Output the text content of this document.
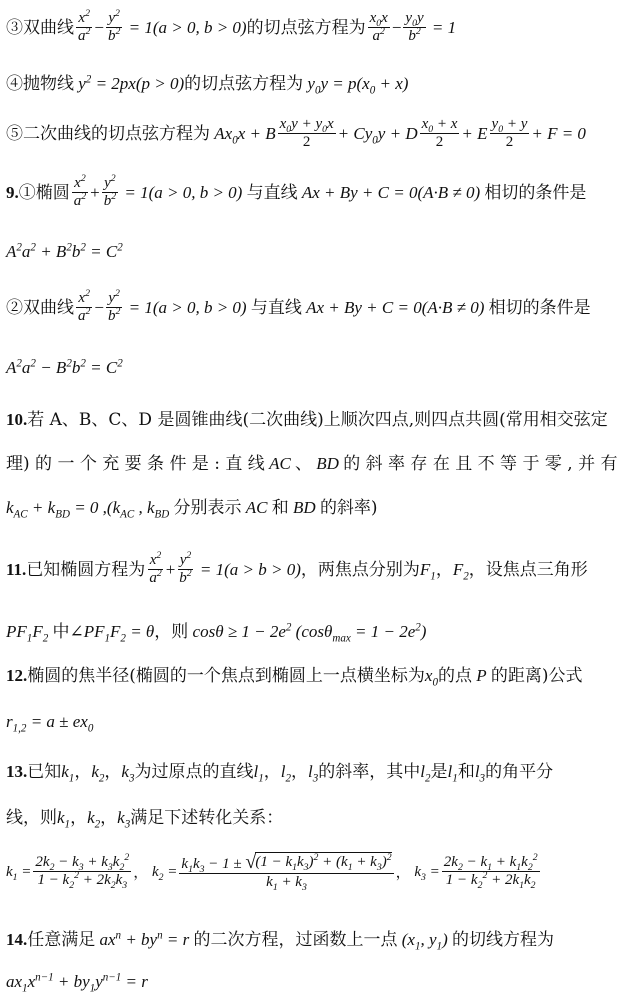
③双曲线 $\frac{x^2}{a^2} - \frac{y^2}{b^2} = 1(a > 0$, b > 0) 的切点弦方程为 $\frac{x_0x}{a^2} - \frac{y_0y}{b^2} = 1$
④抛物线 $y^2 = 2px(p > 0)$ 的切点弦方程为 $y_0y = p(x_0 + x)$
⑤二次曲线的切点弦方程为 $Ax_0x + B \frac{x_0y + y_0x}{2} + Cy_0y + D \frac{x_0 + x}{2} + E \frac{y_0 + y}{2} + F = 0$
9. ①椭圆 $\frac{x^2}{a^2} + \frac{y^2}{b^2} = 1(a > 0$, b > 0) 与直线 Ax + By + C = 0(A·B ≠ 0) 相切的条件是
$A^2a^2 + B^2b^2 = C^2$
②双曲线 $\frac{x^2}{a^2} - \frac{y^2}{b^2} = 1(a > 0$, b > 0) 与直线 Ax + By + C = 0(A·B ≠ 0) 相切的条件是
$A^2a^2 - B^2b^2 = C^2$
10. 若 A、B、C、D 是圆锥曲线(二次曲线)上顺次四点,则四点共圆(常用相交弦定
理) 的 一 个 充 要 条 件 是 : 直 线 AC 、 BD 的 斜 率 存 在 且 不 等 于 零 , 并 有
$k_{AC} + k_{BD} = 0$ $,(k_{AC}$ , $k_{BD}$ 分别表示 AC 和 BD 的斜率)
11. 已知椭圆方程为 $\frac{x^2}{a^2} + \frac{y^2}{b^2} = 1(a > b > 0)$ ，两焦点分别为 $F_1$ ， $F_2$ ，设焦点三角形
$PF_1F_2$ 中 $\angle PF_1F_2 = \theta$ ，则 $\cos\theta \ge 1 - 2e^2$ $(\cos\theta_{max} = 1 - 2e^2)$
12. 椭圆的焦半径(椭圆的一个焦点到椭圆上一点横坐标为 $x_0$ 的点 P 的距离)公式
$r_{1,2} = a \pm ex_0$
13. 已知 $k_1$ ， $k_2$ ， $k_3$ 为过原点的直线 $l_1$ ， $l_2$ ， $l_3$ 的斜率，其中 $l_2$ 是 $l_1$ 和 $l_3$ 的角平分
线，则 $k_1$ ， $k_2$ ， $k_3$ 满足下述转化关系：
$k_1 = \frac{2k_2 - k_3 + k_3k_2^2}{1 - k_2^2 + 2k_2k_3}$ ， $k_2 = \frac{k_1k_3 - 1 \pm √ (1 - k_1k_3)^2 + (k_1 + k_3)^2}{k_1 + k_3}$ ， $k_3 = \frac{2k_2 - k_1 + k_1k_2^2}{1 - k_2^2 + 2k_1k_2}$
14. 任意满足 $ax^n + by^n = r$ 的二次方程，过函数上一点 ($x_1$, $y_1$) 的切线方程为
$ax_1x^{n-1} + by_1y^{n-1} = r$
